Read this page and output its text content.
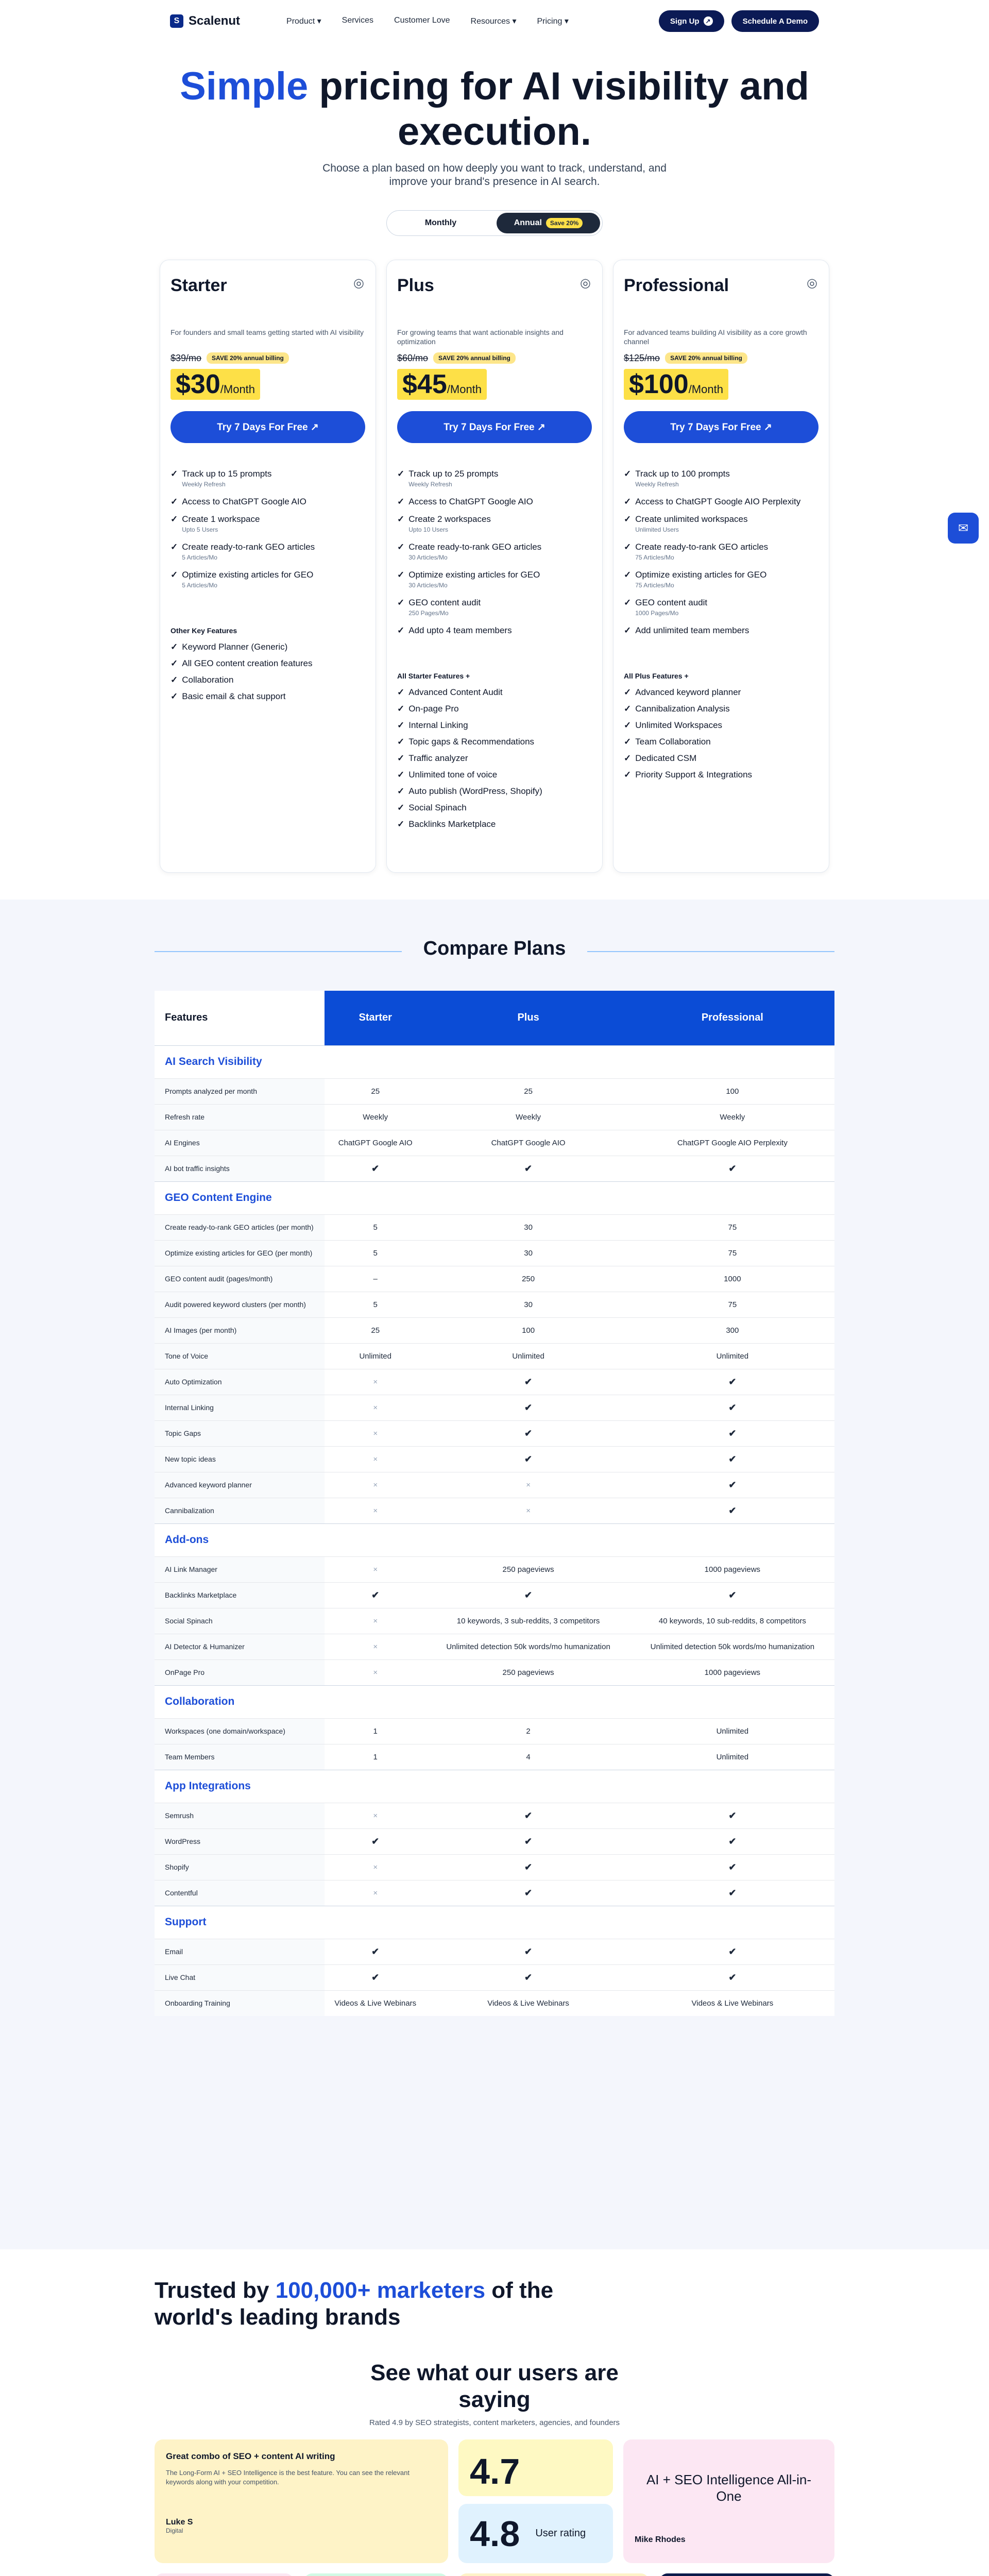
S Scalenut	Product ▾	Services	Customer Love	Resources ▾	Pricing ▾	Sign Up ↗	Schedule A Demo
Simple pricing for AI visibility and execution.

Choose a plan based on how deeply you want to track, understand, and improve your brand's presence in AI search.

Monthly	Annual	Save 20%
Starter	◎
For founders and small teams getting started with AI visibility
$39/mo	SAVE 20% annual billing
$30/Month
Try 7 Days For Free ↗
✓ Track up to 15 prompts
Weekly Refresh
✓ Access to ChatGPT Google AIO
✓ Create 1 workspace
Upto 5 Users
✓ Create ready-to-rank GEO articles
5 Articles/Mo
✓ Optimize existing articles for GEO
5 Articles/Mo
Other Key Features
✓ Keyword Planner (Generic)
✓ All GEO content creation features
✓ Collaboration
✓ Basic email & chat support
Plus	◎
For growing teams that want actionable insights and optimization
$60/mo	SAVE 20% annual billing
$45/Month
Try 7 Days For Free ↗
✓ Track up to 25 prompts
Weekly Refresh
✓ Access to ChatGPT Google AIO
✓ Create 2 workspaces
Upto 10 Users
✓ Create ready-to-rank GEO articles
30 Articles/Mo
✓ Optimize existing articles for GEO
30 Articles/Mo
✓ GEO content audit
250 Pages/Mo
✓ Add upto 4 team members
All Starter Features +
✓ Advanced Content Audit
✓ On-page Pro
✓ Internal Linking
✓ Topic gaps & Recommendations
✓ Traffic analyzer
✓ Unlimited tone of voice
✓ Auto publish (WordPress, Shopify)
✓ Social Spinach
✓ Backlinks Marketplace
Professional	◎
For advanced teams building AI visibility as a core growth channel
$125/mo	SAVE 20% annual billing
$100/Month
Try 7 Days For Free ↗
✓ Track up to 100 prompts
Weekly Refresh
✓ Access to ChatGPT Google AIO Perplexity
✓ Create unlimited workspaces
Unlimited Users
✓ Create ready-to-rank GEO articles
75 Articles/Mo
✓ Optimize existing articles for GEO
75 Articles/Mo
✓ GEO content audit
1000 Pages/Mo
✓ Add unlimited team members
All Plus Features +
✓ Advanced keyword planner
✓ Cannibalization Analysis
✓ Unlimited Workspaces
✓ Team Collaboration
✓ Dedicated CSM
✓ Priority Support & Integrations
✉
Compare Plans
Features	Starter	Plus	Professional
AI Search Visibility			
Prompts analyzed per month	25	25	100
Refresh rate	Weekly	Weekly	Weekly
AI Engines	ChatGPT Google AIO	ChatGPT Google AIO	ChatGPT Google AIO Perplexity
AI bot traffic insights	✔	✔	✔
GEO Content Engine			
Create ready-to-rank GEO articles (per month)	5	30	75
Optimize existing articles for GEO (per month)	5	30	75
GEO content audit (pages/month)	–	250	1000
Audit powered keyword clusters (per month)	5	30	75
AI Images (per month)	25	100	300
Tone of Voice	Unlimited	Unlimited	Unlimited
Auto Optimization	×	✔	✔
Internal Linking	×	✔	✔
Topic Gaps	×	✔	✔
New topic ideas	×	✔	✔
Advanced keyword planner	×	×	✔
Cannibalization	×	×	✔
Add-ons			
AI Link Manager	×	250 pageviews	1000 pageviews
Backlinks Marketplace	✔	✔	✔
Social Spinach	×	10 keywords, 3 sub-reddits, 3 competitors	40 keywords, 10 sub-reddits, 8 competitors
AI Detector & Humanizer	×	Unlimited detection 50k words/mo humanization	Unlimited detection 50k words/mo humanization
OnPage Pro	×	250 pageviews	1000 pageviews
Collaboration			
Workspaces (one domain/workspace)	1	2	Unlimited
Team Members	1	4	Unlimited
App Integrations			
Semrush	×	✔	✔
WordPress	✔	✔	✔
Shopify	×	✔	✔
Contentful	×	✔	✔
Support			
Email	✔	✔	✔
Live Chat	✔	✔	✔
Onboarding Training	Videos & Live Webinars	Videos & Live Webinars	Videos & Live Webinars
Trusted by 100,000+ marketers of the world's leading brands
See what our users are saying

Rated 4.9 by SEO strategists, content marketers, agencies, and founders

Great combo of SEO + content AI writing
The Long-Form AI + SEO Intelligence is the best feature. You can see the relevant keywords along with your competition.
Luke S
Digital
4.7
4.8 User rating
AI + SEO Intelligence All-in-One
Mike Rhodes
